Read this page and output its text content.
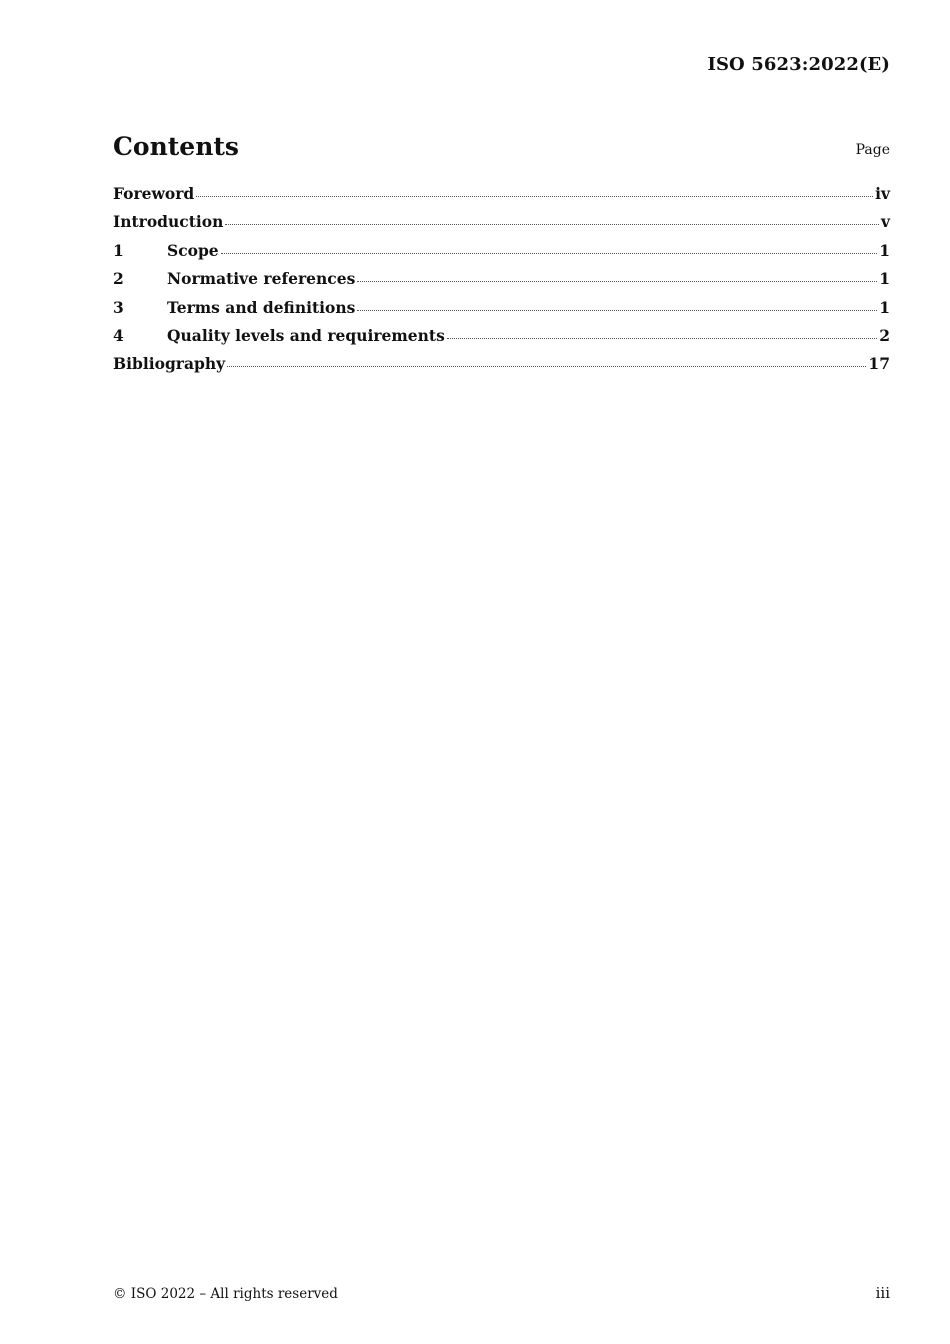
ISO 5623:2022(E)
Contents	Page
Foreword	iv
Introduction	v
1	Scope	1
2	Normative references	1
3	Terms and definitions	1
4	Quality levels and requirements	2
Bibliography	17
© ISO 2022 – All rights reserved	iii
